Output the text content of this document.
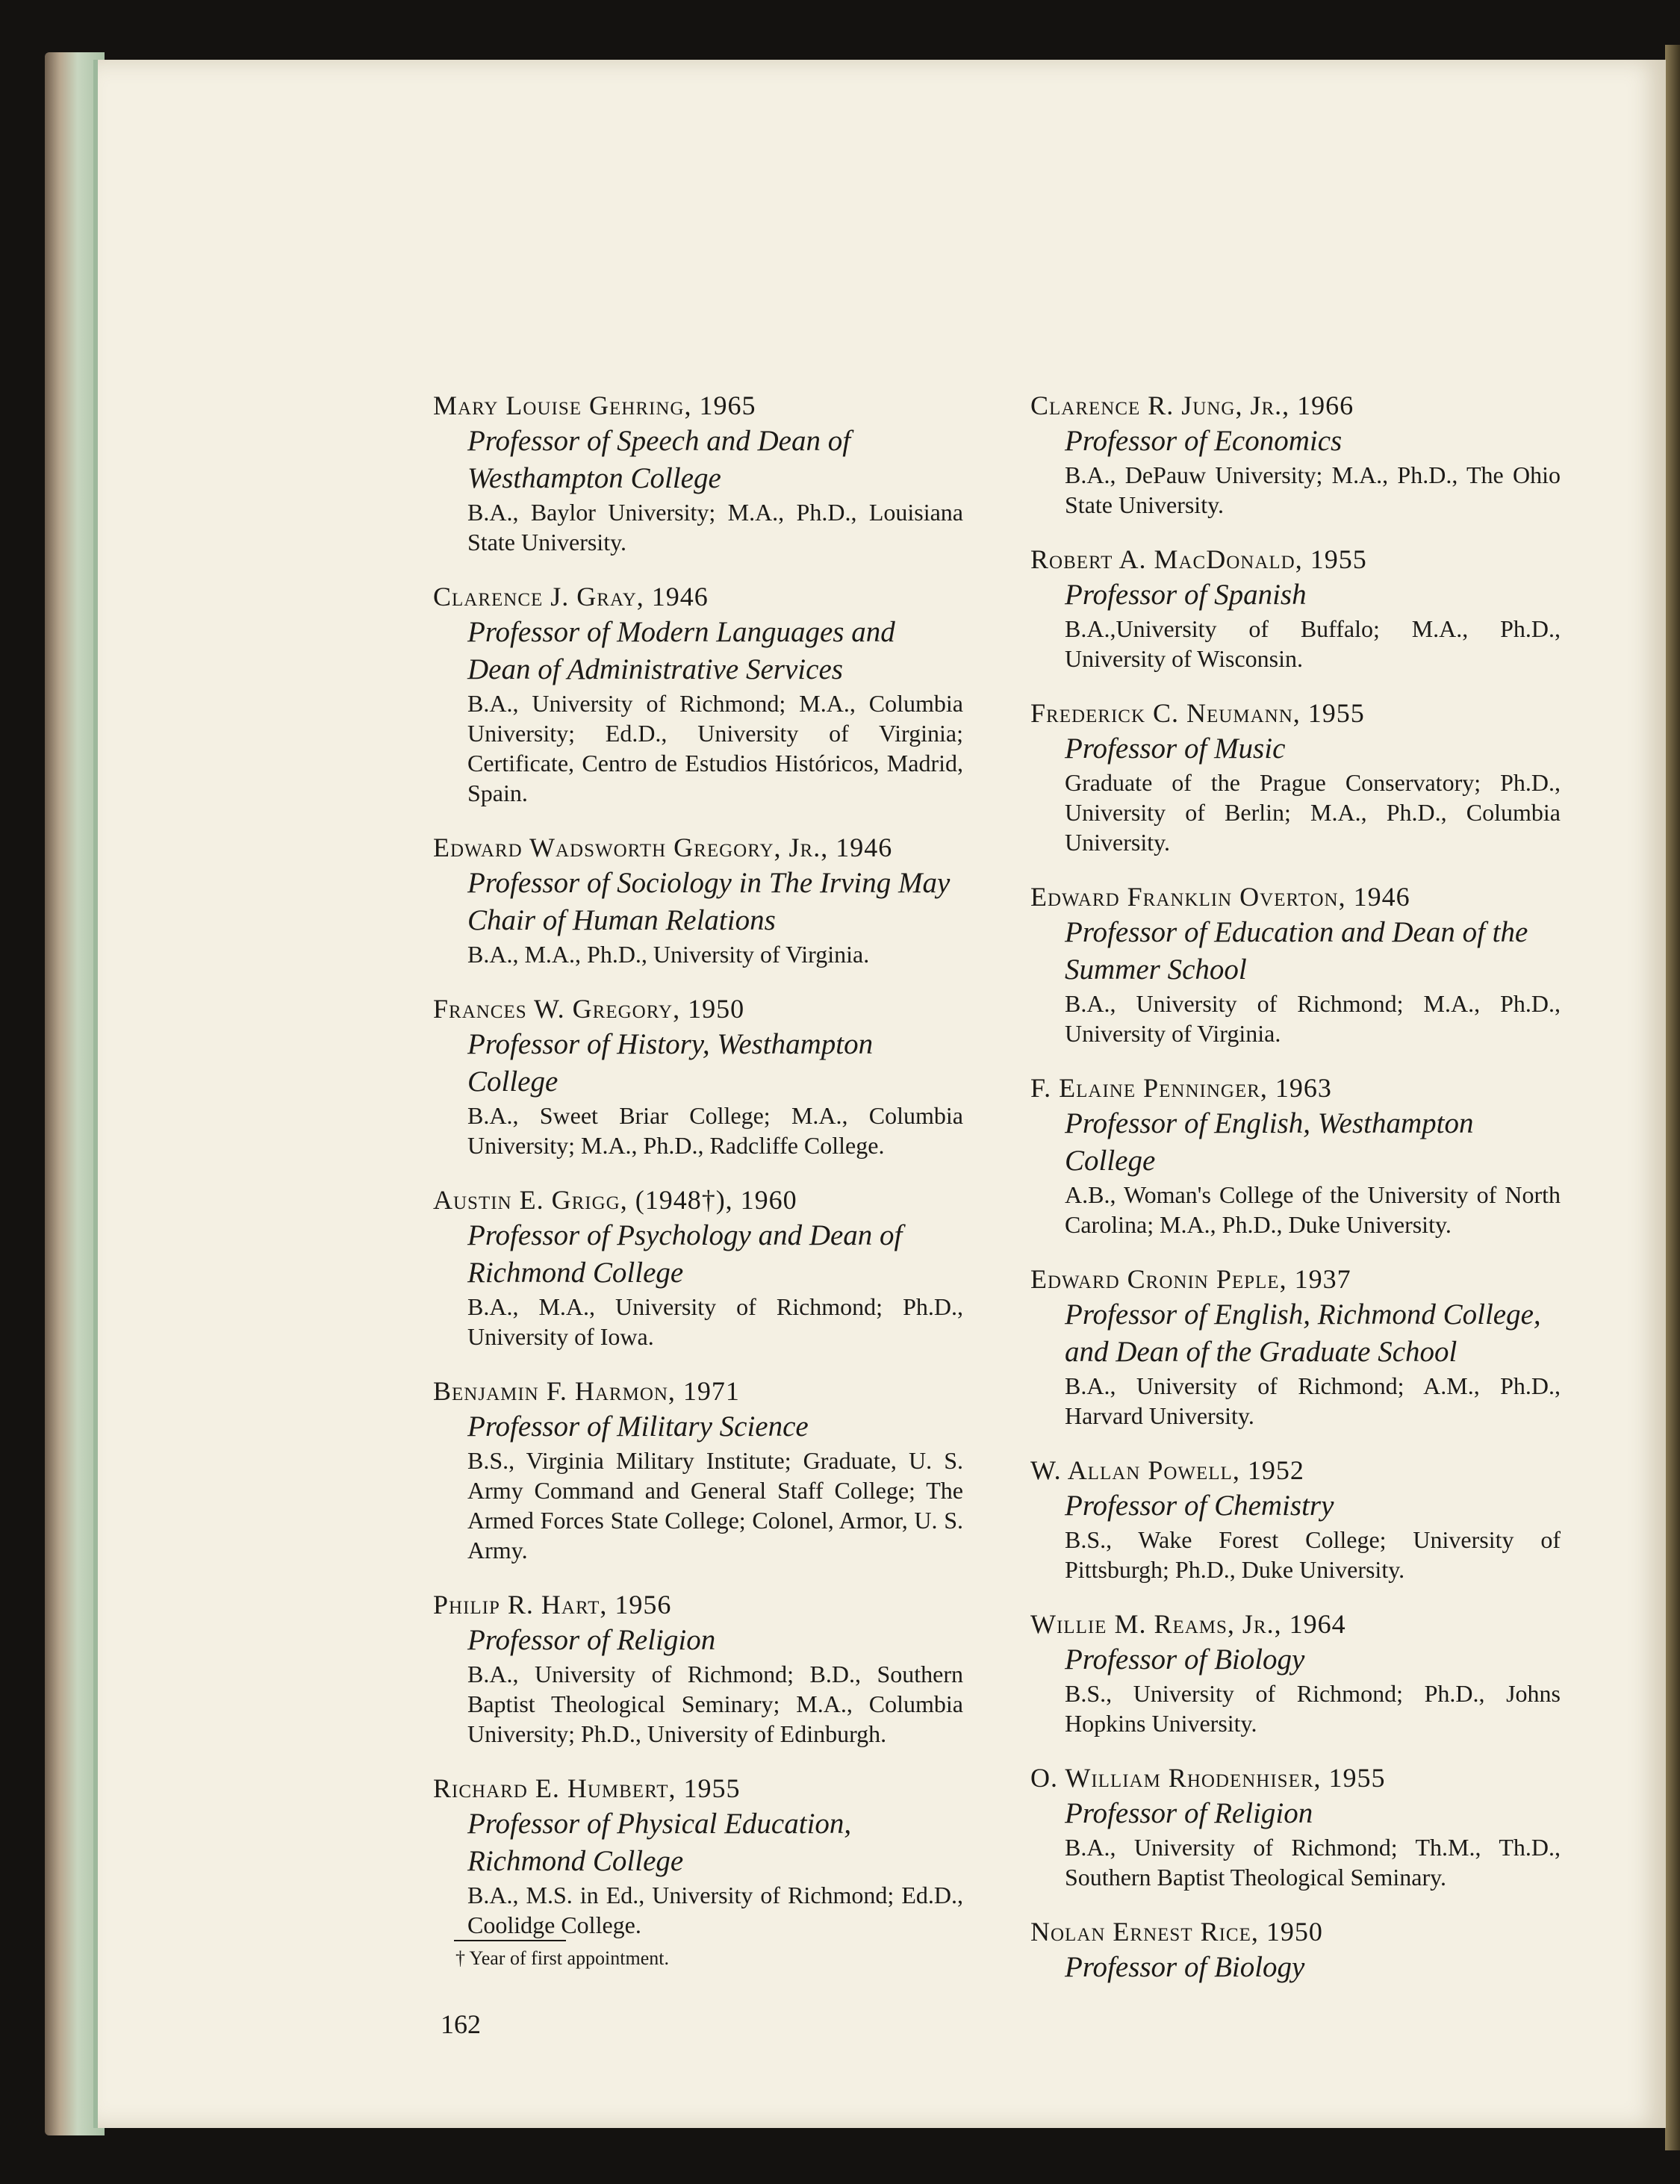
Mary Louise Gehring, 1965
Professor of Speech and Dean of Westhampton College
B.A., Baylor University; M.A., Ph.D., Louisiana State University.
Clarence J. Gray, 1946
Professor of Modern Languages and Dean of Administrative Services
B.A., University of Richmond; M.A., Columbia University; Ed.D., University of Virginia; Certificate, Centro de Estudios Históricos, Madrid, Spain.
Edward Wadsworth Gregory, Jr., 1946
Professor of Sociology in The Irving May Chair of Human Relations
B.A., M.A., Ph.D., University of Virginia.
Frances W. Gregory, 1950
Professor of History, Westhampton College
B.A., Sweet Briar College; M.A., Columbia University; M.A., Ph.D., Radcliffe College.
Austin E. Grigg, (1948†), 1960
Professor of Psychology and Dean of Richmond College
B.A., M.A., University of Richmond; Ph.D., University of Iowa.
Benjamin F. Harmon, 1971
Professor of Military Science
B.S., Virginia Military Institute; Graduate, U. S. Army Command and General Staff College; The Armed Forces State College; Colonel, Armor, U. S. Army.
Philip R. Hart, 1956
Professor of Religion
B.A., University of Richmond; B.D., Southern Baptist Theological Seminary; M.A., Columbia University; Ph.D., University of Edinburgh.
Richard E. Humbert, 1955
Professor of Physical Education, Richmond College
B.A., M.S. in Ed., University of Richmond; Ed.D., Coolidge College.
Clarence R. Jung, Jr., 1966
Professor of Economics
B.A., DePauw University; M.A., Ph.D., The Ohio State University.
Robert A. MacDonald, 1955
Professor of Spanish
B.A.,University of Buffalo; M.A., Ph.D., University of Wisconsin.
Frederick C. Neumann, 1955
Professor of Music
Graduate of the Prague Conservatory; Ph.D., University of Berlin; M.A., Ph.D., Columbia University.
Edward Franklin Overton, 1946
Professor of Education and Dean of the Summer School
B.A., University of Richmond; M.A., Ph.D., University of Virginia.
F. Elaine Penninger, 1963
Professor of English, Westhampton College
A.B., Woman's College of the University of North Carolina; M.A., Ph.D., Duke University.
Edward Cronin Peple, 1937
Professor of English, Richmond College, and Dean of the Graduate School
B.A., University of Richmond; A.M., Ph.D., Harvard University.
W. Allan Powell, 1952
Professor of Chemistry
B.S., Wake Forest College; University of Pittsburgh; Ph.D., Duke University.
Willie M. Reams, Jr., 1964
Professor of Biology
B.S., University of Richmond; Ph.D., Johns Hopkins University.
O. William Rhodenhiser, 1955
Professor of Religion
B.A., University of Richmond; Th.M., Th.D., Southern Baptist Theological Seminary.
Nolan Ernest Rice, 1950
Professor of Biology
† Year of first appointment.
162
